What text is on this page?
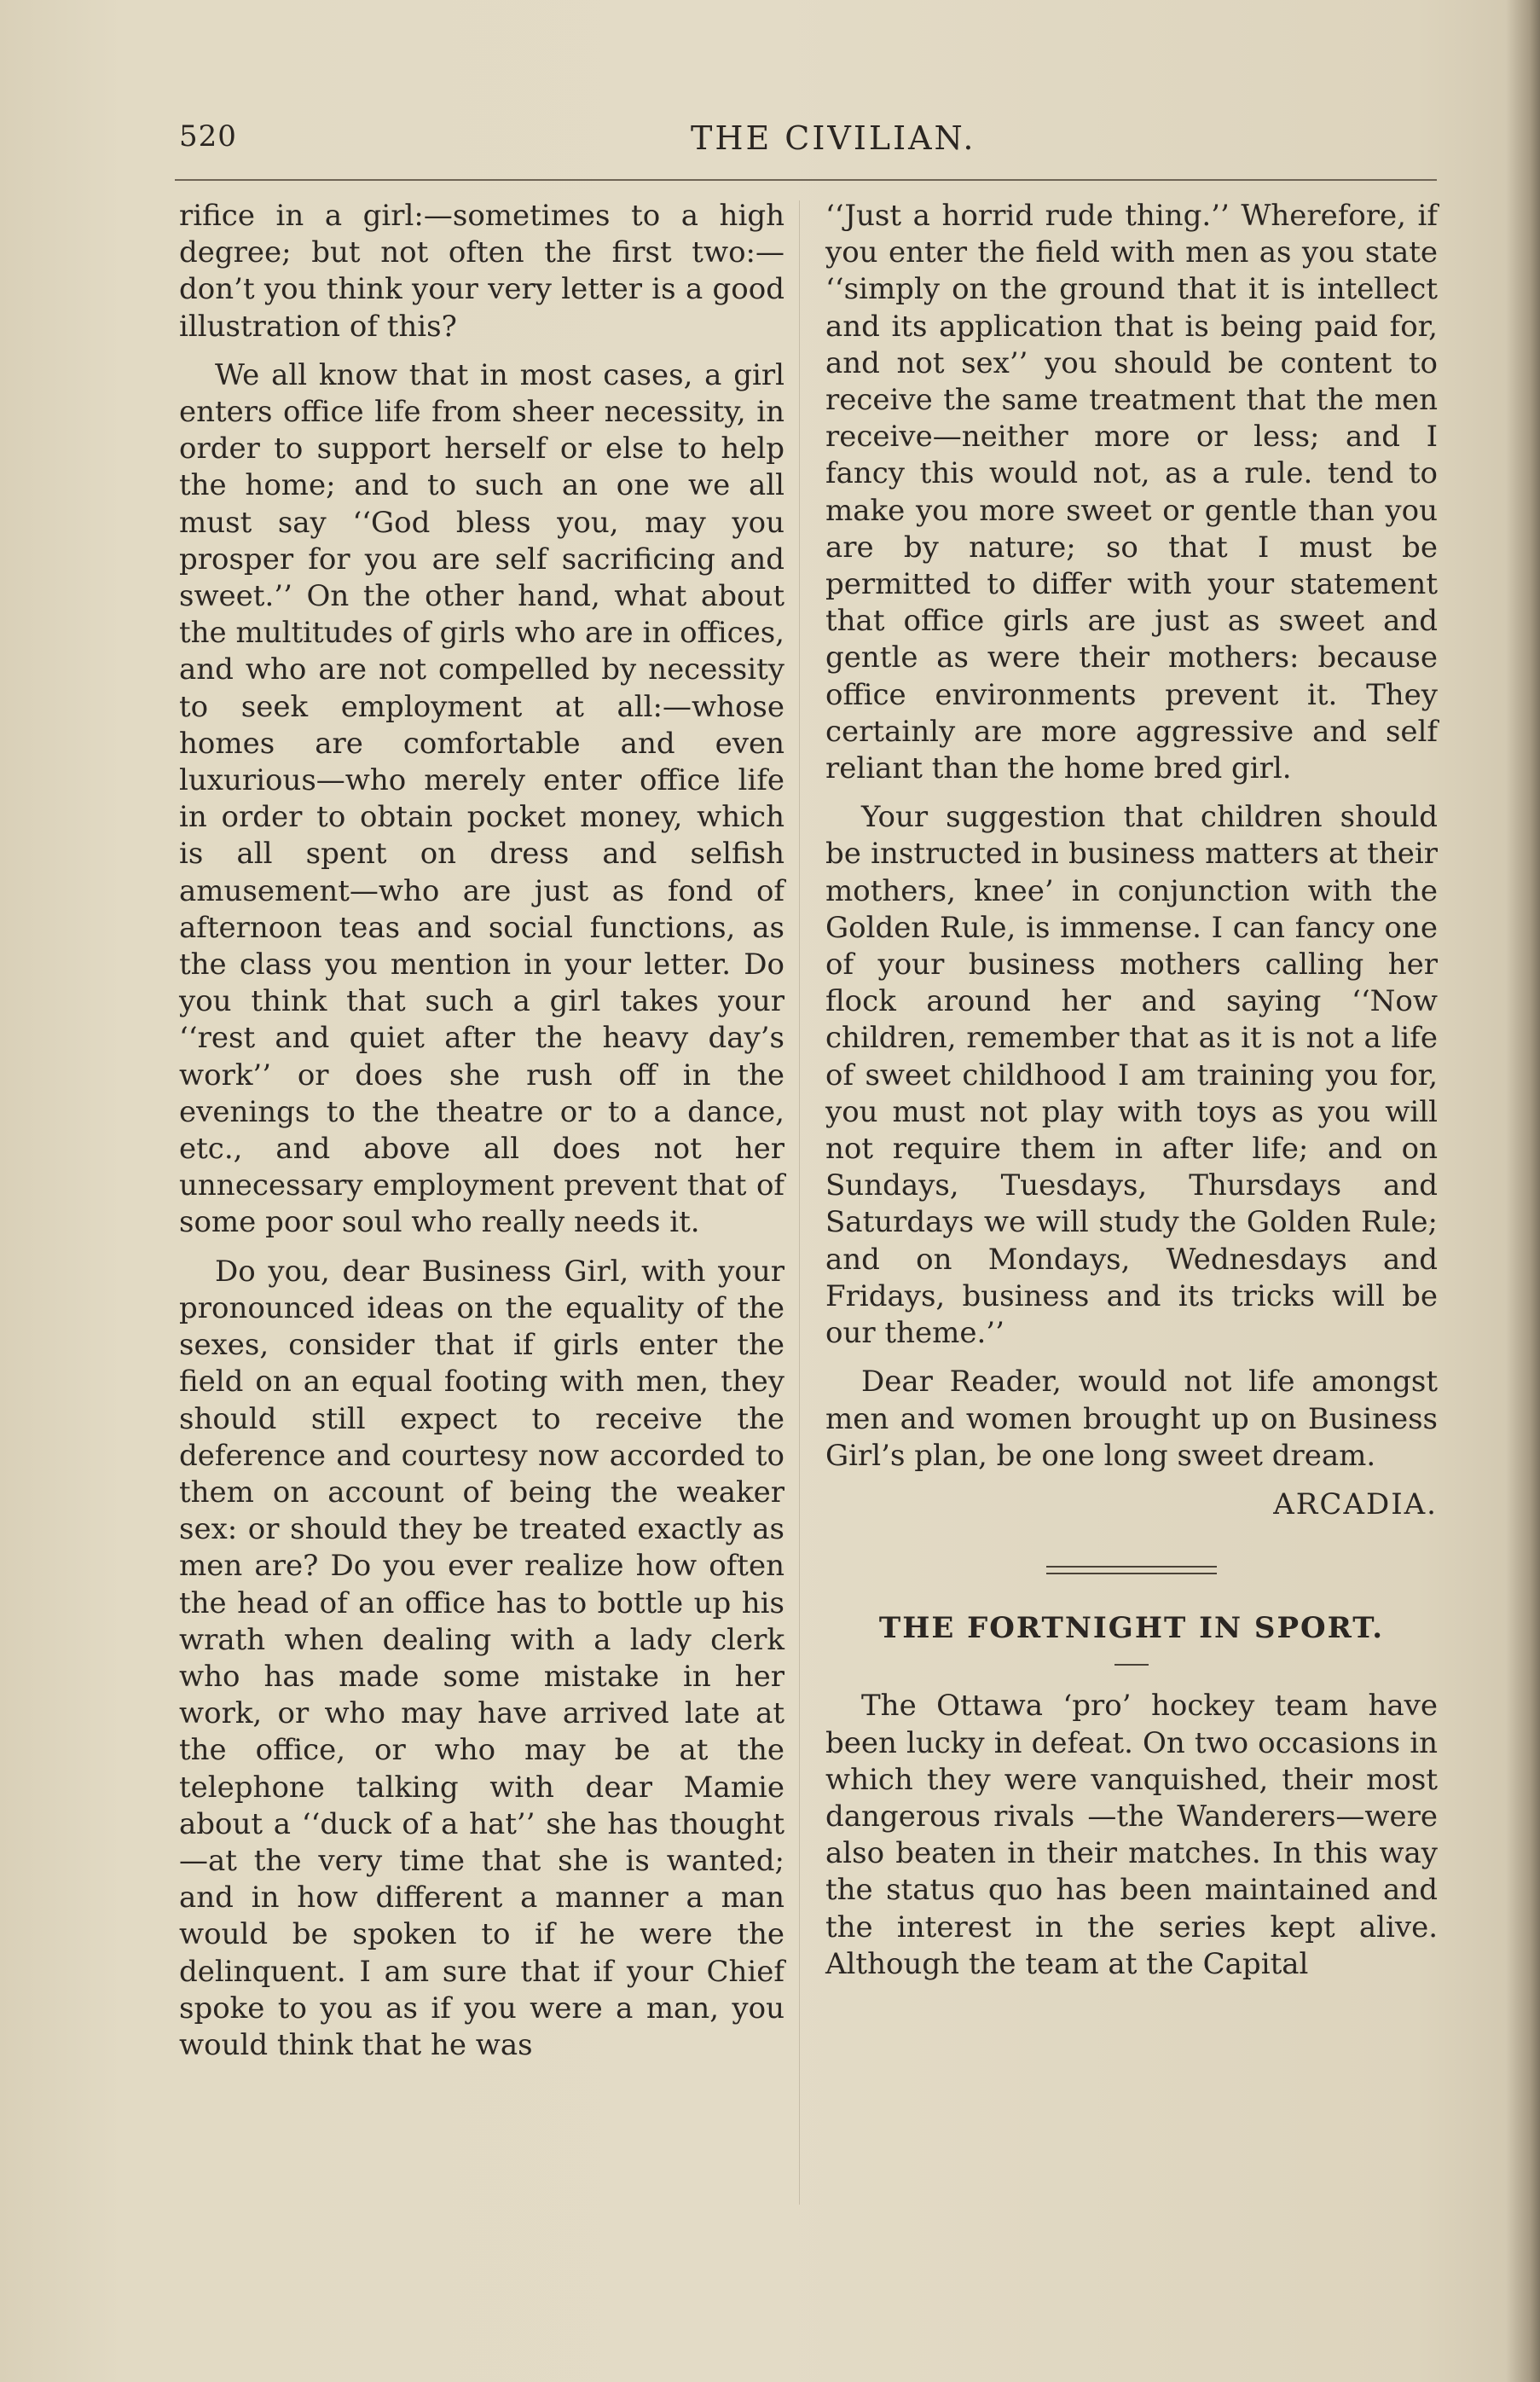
520	THE CIVILIAN.

rifice in a girl:—sometimes to a high degree; but not often the first two:—don’t you think your very letter is a good illustration of this?

We all know that in most cases, a girl enters office life from sheer necessity, in order to support herself or else to help the home; and to such an one we all must say ‘‘God bless you, may you prosper for you are self sacrificing and sweet.’’ On the other hand, what about the multitudes of girls who are in offices, and who are not compelled by necessity to seek employment at all:—whose homes are comfortable and even luxurious—who merely enter office life in order to obtain pocket money, which is all spent on dress and selfish amusement—who are just as fond of afternoon teas and social functions, as the class you mention in your letter. Do you think that such a girl takes your ‘‘rest and quiet after the heavy day’s work’’ or does she rush off in the evenings to the theatre or to a dance, etc., and above all does not her unnecessary employment prevent that of some poor soul who really needs it.

Do you, dear Business Girl, with your pronounced ideas on the equality of the sexes, consider that if girls enter the field on an equal footing with men, they should still expect to receive the deference and courtesy now accorded to them on account of being the weaker sex: or should they be treated exactly as men are? Do you ever realize how often the head of an office has to bottle up his wrath when dealing with a lady clerk who has made some mistake in her work, or who may have arrived late at the office, or who may be at the telephone talking with dear Mamie about a ‘‘duck of a hat’’ she has thought—at the very time that she is wanted; and in how different a manner a man would be spoken to if he were the delinquent. I am sure that if your Chief spoke to you as if you were a man, you would think that he was

‘‘Just a horrid rude thing.’’ Wherefore, if you enter the field with men as you state ‘‘simply on the ground that it is intellect and its application that is being paid for, and not sex’’ you should be content to receive the same treatment that the men receive—neither more or less; and I fancy this would not, as a rule. tend to make you more sweet or gentle than you are by nature; so that I must be permitted to differ with your statement that office girls are just as sweet and gentle as were their mothers: because office environments prevent it. They certainly are more aggressive and self reliant than the home bred girl.

Your suggestion that children should be instructed in business matters at their mothers, knee’ in conjunction with the Golden Rule, is immense. I can fancy one of your business mothers calling her flock around her and saying ‘‘Now children, remember that as it is not a life of sweet childhood I am training you for, you must not play with toys as you will not require them in after life; and on Sundays, Tuesdays, Thursdays and Saturdays we will study the Golden Rule; and on Mondays, Wednesdays and Fridays, business and its tricks will be our theme.’’

Dear Reader, would not life amongst men and women brought up on Business Girl’s plan, be one long sweet dream.

ARCADIA.

THE FORTNIGHT IN SPORT.

The Ottawa ‘pro’ hockey team have been lucky in defeat. On two occasions in which they were vanquished, their most dangerous rivals —the Wanderers—were also beaten in their matches. In this way the status quo has been maintained and the interest in the series kept alive. Although the team at the Capital
